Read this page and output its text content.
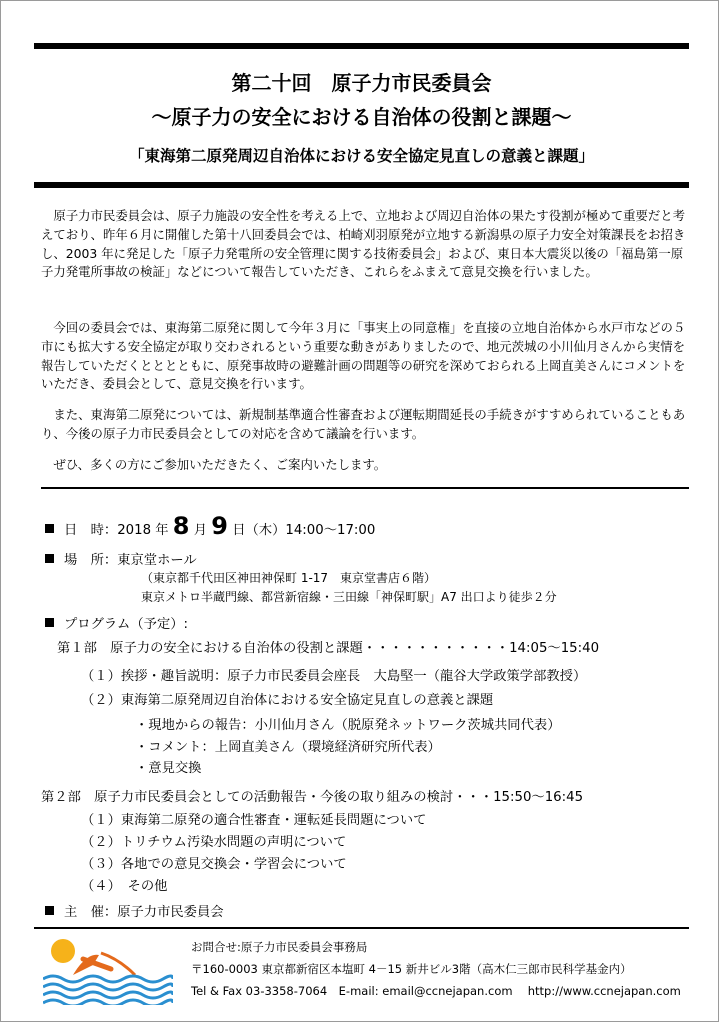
第二十回　原子力市民委員会
～原子力の安全における自治体の役割と課題～
「東海第二原発周辺自治体における安全協定見直しの意義と課題」

原子力市民委員会は、原子力施設の安全性を考える上で、立地および周辺自治体の果たす役割が極めて重要だと考えており、昨年６月に開催した第十八回委員会では、柏崎刈羽原発が立地する新潟県の原子力安全対策課長をお招きし、2003 年に発足した「原子力発電所の安全管理に関する技術委員会」および、東日本大震災以後の「福島第一原子力発電所事故の検証」などについて報告していただき、これらをふまえて意見交換を行いました。

今回の委員会では、東海第二原発に関して今年３月に「事実上の同意権」を直接の立地自治体から水戸市などの５市にも拡大する安全協定が取り交わされるという重要な動きがありましたので、地元茨城の小川仙月さんから実情を報告していただくとととともに、原発事故時の避難計画の問題等の研究を深めておられる上岡直美さんにコメントをいただき、委員会として、意見交換を行います。

また、東海第二原発については、新規制基準適合性審査および運転期間延長の手続きがすすめられていることもあり、今後の原子力市民委員会としての対応を含めて議論を行います。

ぜひ、多くの方にご参加いただきたく、ご案内いたします。

日　時：2018 年 8 月 9 日（木）14:00～17:00
場　所：東京堂ホール
（東京都千代田区神田神保町 1-17　東京堂書店６階）
東京メトロ半蔵門線、都営新宿線・三田線「神保町駅」A7 出口より徒歩２分
プログラム（予定）:
第１部　原子力の安全における自治体の役割と課題・・・・・・・・・・・14:05～15:40
（１）挨拶・趣旨説明：原子力市民委員会座長　大島堅一（龍谷大学政策学部教授）
（２）東海第二原発周辺自治体における安全協定見直しの意義と課題
・現地からの報告：小川仙月さん（脱原発ネットワーク茨城共同代表）
・コメント：上岡直美さん（環境経済研究所代表）
・意見交換
第２部　原子力市民委員会としての活動報告・今後の取り組みの検討・・・15:50～16:45
（１）東海第二原発の適合性審査・運転延長問題について
（２）トリチウム汚染水問題の声明について
（３）各地での意見交換会・学習会について
（４）　その他
主　催：原子力市民委員会
お問合せ:原子力市民委員会事務局
〒160-0003 東京都新宿区本塩町 4－15 新井ビル3階（高木仁三郎市民科学基金内）
Tel & Fax 03-3358-7064　E-mail: email@ccnejapan.com　 http://www.ccnejapan.com
